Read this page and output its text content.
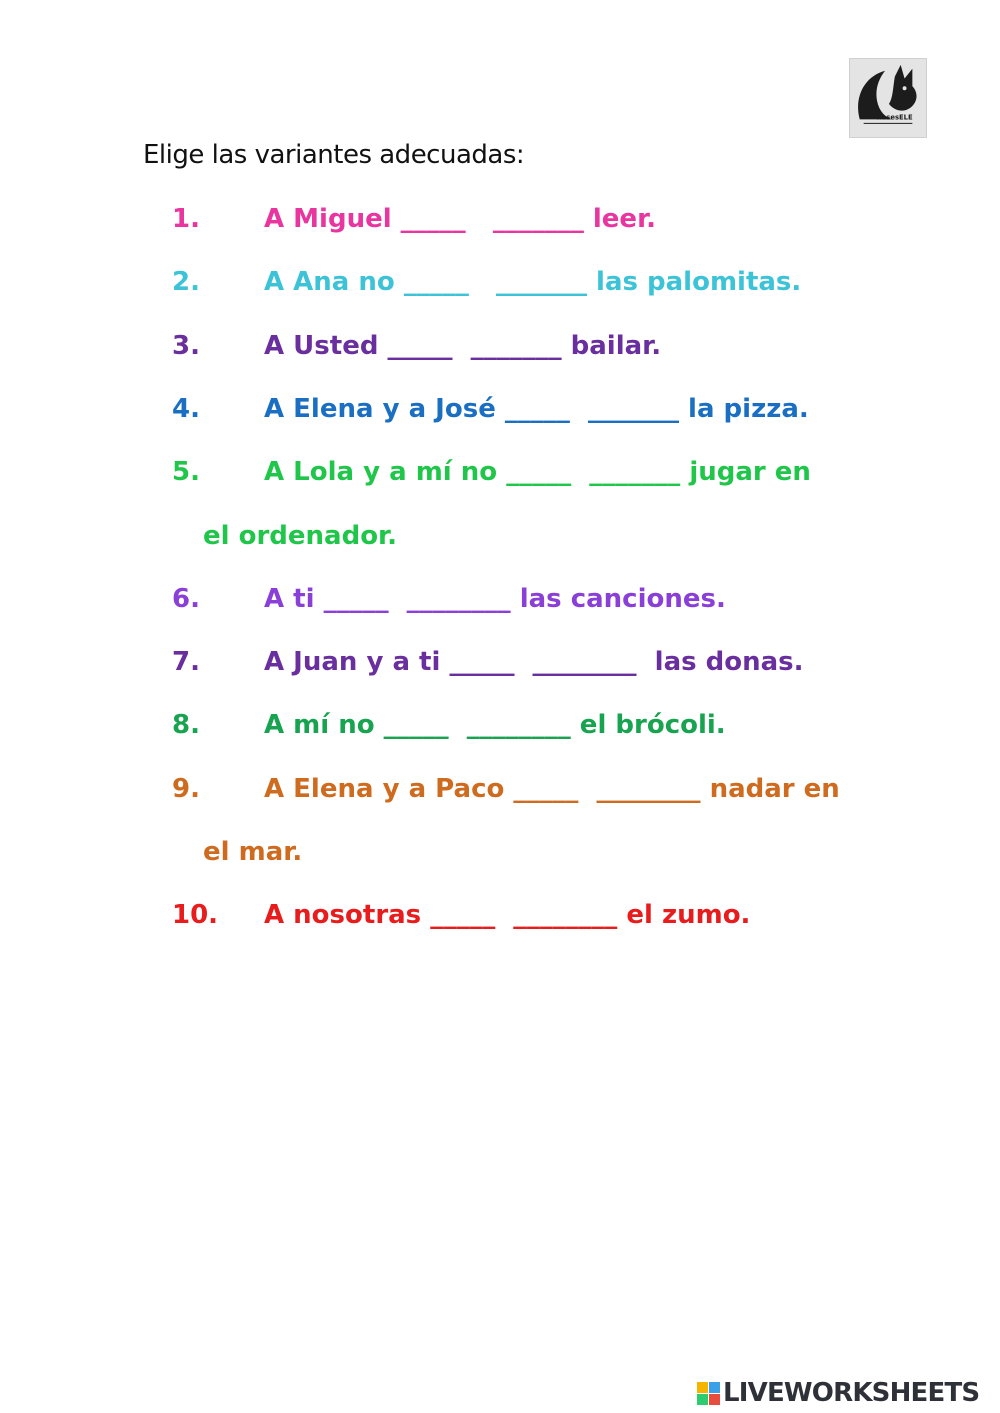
clasesELE
Elige las variantes adecuadas:
1. A Miguel _____   _______ leer.
2. A Ana no _____   _______ las palomitas.
3. A Usted _____  _______ bailar.
4. A Elena y a José _____  _______ la pizza.
5. A Lola y a mí no _____  _______ jugar en
el ordenador.
6. A ti _____  ________ las canciones.
7. A Juan y a ti _____  ________  las donas.
8. A mí no _____  ________ el brócoli.
9. A Elena y a Paco _____  ________ nadar en
el mar.
10. A nosotras _____  ________ el zumo.
LIVEWORKSHEETS
